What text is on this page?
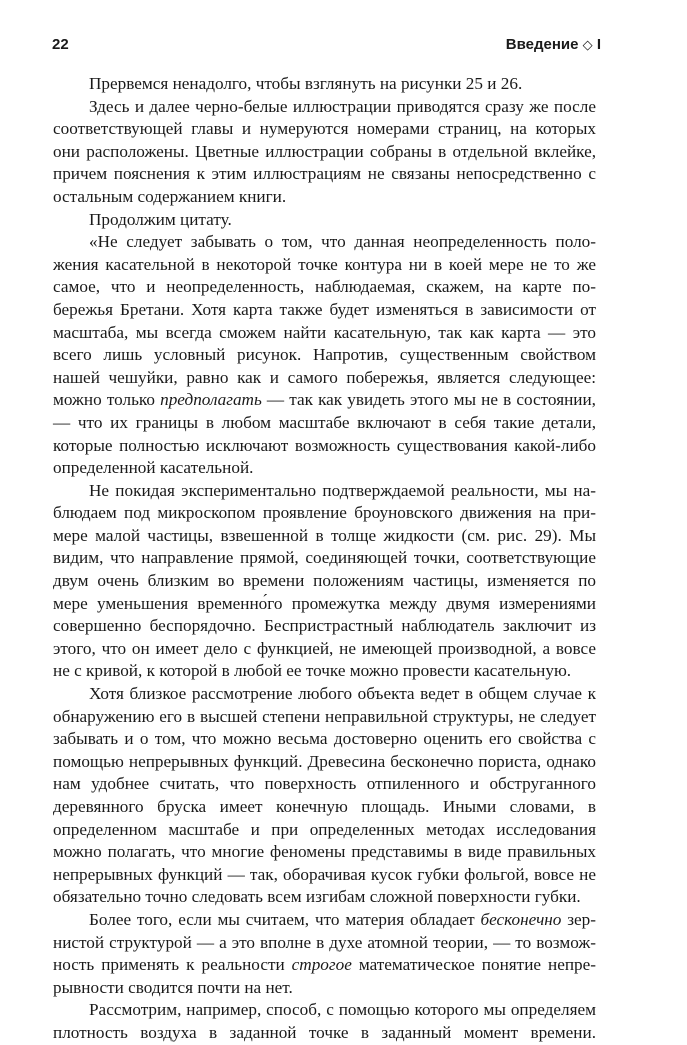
22	Введение ◇ I

Прервемся ненадолго, чтобы взглянуть на рисунки 25 и 26.

Здесь и далее черно-белые иллюстрации приводятся сразу же после соответствующей главы и нумеруются номерами страниц, на которых они расположены. Цветные иллюстрации собраны в отдельной вклейке, причем пояснения к этим иллюстрациям не связаны непосредственно с остальным содержанием книги.

Продолжим цитату.

«Не следует забывать о том, что данная неопределенность положения касательной в некоторой точке контура ни в коей мере не то же самое, что и неопределенность, наблюдаемая, скажем, на карте побережья Бретани. Хотя карта также будет изменяться в зависимости от масштаба, мы всегда сможем найти касательную, так как карта — это всего лишь условный рисунок. Напротив, существенным свойством нашей чешуйки, равно как и самого побережья, является следующее: можно только предполагать — так как увидеть этого мы не в состоянии, — что их границы в любом масштабе включают в себя такие детали, которые полностью исключают возможность существования какой-либо определенной касательной.

Не покидая экспериментально подтверждаемой реальности, мы наблюдаем под микроскопом проявление броуновского движения на примере малой частицы, взвешенной в толще жидкости (см. рис. 29). Мы видим, что направление прямой, соединяющей точки, соответствующие двум очень близким во времени положениям частицы, изменяется по мере уменьшения временно́го промежутка между двумя измерениями совершенно беспорядочно. Беспристрастный наблюдатель заключит из этого, что он имеет дело с функцией, не имеющей производной, а вовсе не с кривой, к которой в любой ее точке можно провести касательную.

Хотя близкое рассмотрение любого объекта ведет в общем случае к обнаружению его в высшей степени неправильной структуры, не следует забывать и о том, что можно весьма достоверно оценить его свойства с помощью непрерывных функций. Древесина бесконечно пориста, однако нам удобнее считать, что поверхность отпиленного и обструганного деревянного бруска имеет конечную площадь. Иными словами, в определенном масштабе и при определенных методах исследования можно полагать, что многие феномены представимы в виде правильных непрерывных функций — так, оборачивая кусок губки фольгой, вовсе не обязательно точно следовать всем изгибам сложной поверхности губки.

Более того, если мы считаем, что материя обладает бесконечно зернистой структурой — а это вполне в духе атомной теории, — то возможность применять к реальности строгое математическое понятие непрерывности сводится почти на нет.

Рассмотрим, например, способ, с помощью которого мы определяем плотность воздуха в заданной точке в заданный момент времени.
